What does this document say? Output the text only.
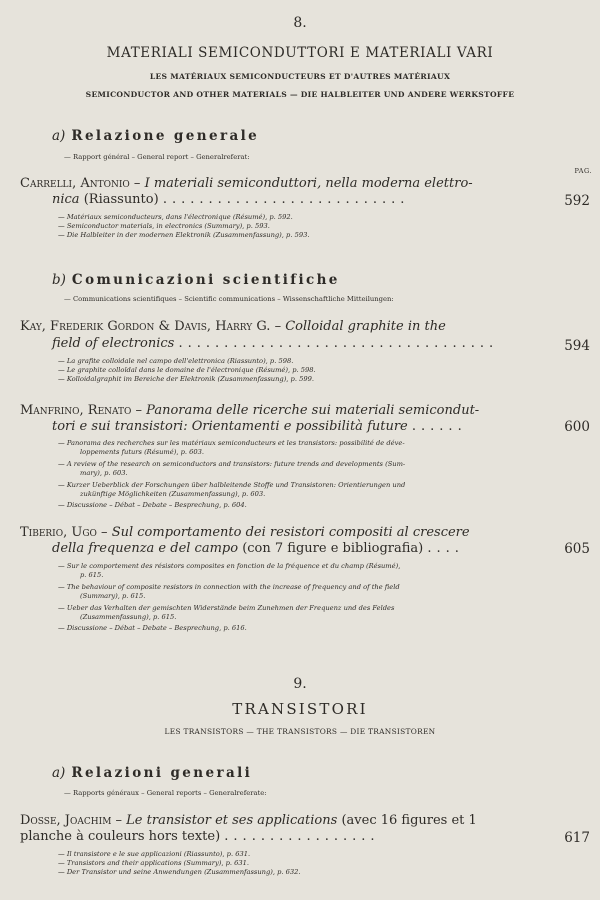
8.
MATERIALI SEMICONDUTTORI E MATERIALI VARI
LES MATÉRIAUX SEMICONDUCTEURS ET D'AUTRES MATÉRIAUX
SEMICONDUCTOR AND OTHER MATERIALS — DIE HALBLEITER UND ANDERE WERKSTOFFE
a) Relazione generale
— Rapport général – General report – Generalreferat:
PAG.
Carrelli, Antonio – I materiali semiconduttori, nella moderna elettro-
nica (Riassunto) ...........................	592
— Matériaux semiconducteurs, dans l'électronique (Résumé), p. 592.
— Semiconductor materials, in electronics (Summary), p. 593.
— Die Halbleiter in der modernen Elektronik (Zusammenfassung), p. 593.
b) Comunicazioni scientifiche
— Communications scientifiques – Scientific communications – Wissenschaftliche Mitteilungen:
Kay, Frederik Gordon & Davis, Harry G. – Colloidal graphite in the
field of electronics ...................................	594
— La grafite colloidale nel campo dell'elettronica (Riassunto), p. 598.
— Le graphite colloïdal dans le domaine de l'électronique (Résumé), p. 598.
— Kolloidalgraphit im Bereiche der Elektronik (Zusammenfassung), p. 599.
Manfrino, Renato – Panorama delle ricerche sui materiali semicondut-
tori e sui transistori: Orientamenti e possibilità future ......	600
— Panorama des recherches sur les matériaux semiconducteurs et les transistors: possibilité de déve-
loppements futurs (Résumé), p. 603.
— A review of the research on semiconductors and transistors: future trends and developments (Sum-
mary), p. 603.
— Kurzer Ueberblick der Forschungen über halbleitende Stoffe und Transistoren: Orientierungen und
zukünftige Möglichkeiten (Zusammenfassung), p. 603.
— Discussione – Débat – Debate – Besprechung, p. 604.
Tiberio, Ugo – Sul comportamento dei resistori compositi al crescere
della frequenza e del campo (con 7 figure e bibliografia) ....	605
— Sur le comportement des résistors composites en fonction de la fréquence et du champ (Résumé),
p. 615.
— The behaviour of composite resistors in connection with the increase of frequency and of the field
(Summary), p. 615.
— Ueber das Verhalten der gemischten Widerstände beim Zunehmen der Frequenz und des Feldes
(Zusammenfassung), p. 615.
— Discussione – Débat – Debate – Besprechung, p. 616.
9.
TRANSISTORI
LES TRANSISTORS — THE TRANSISTORS — DIE TRANSISTOREN
a) Relazioni generali
— Rapports généraux – General reports – Generalreferate:
Dosse, Joachim – Le transistor et ses applications (avec 16 figures et 1
planche à couleurs hors texte) .................	617
— Il transistore e le sue applicazioni (Riassunto), p. 631.
— Transistors and their applications (Summary), p. 631.
— Der Transistor und seine Anwendungen (Zusammenfassung), p. 632.
